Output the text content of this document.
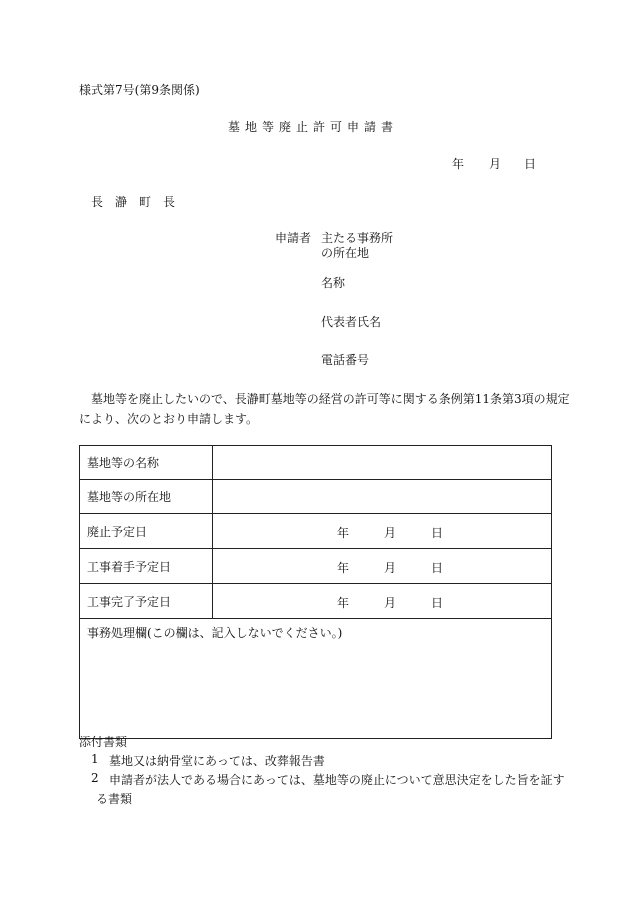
様式第7号(第9条関係)
墓地等廃止許可申請書
年 月 日
長　瀞　町　長
申請者 主たる事務所
の所在地
名称
代表者氏名
電話番号
墓地等を廃止したいので、長瀞町墓地等の経営の許可等に関する条例第11条第3項の規定
により、次のとおり申請します。
墓地等の名称	
墓地等の所在地	
廃止予定日	年 月 日

工事着手予定日	年 月 日

工事完了予定日	年 月 日

事務処理欄(この欄は、記入しないでください。)	
添付書類
1 墓地又は納骨堂にあっては、改葬報告書
2 申請者が法人である場合にあっては、墓地等の廃止について意思決定をした旨を証す
る書類
